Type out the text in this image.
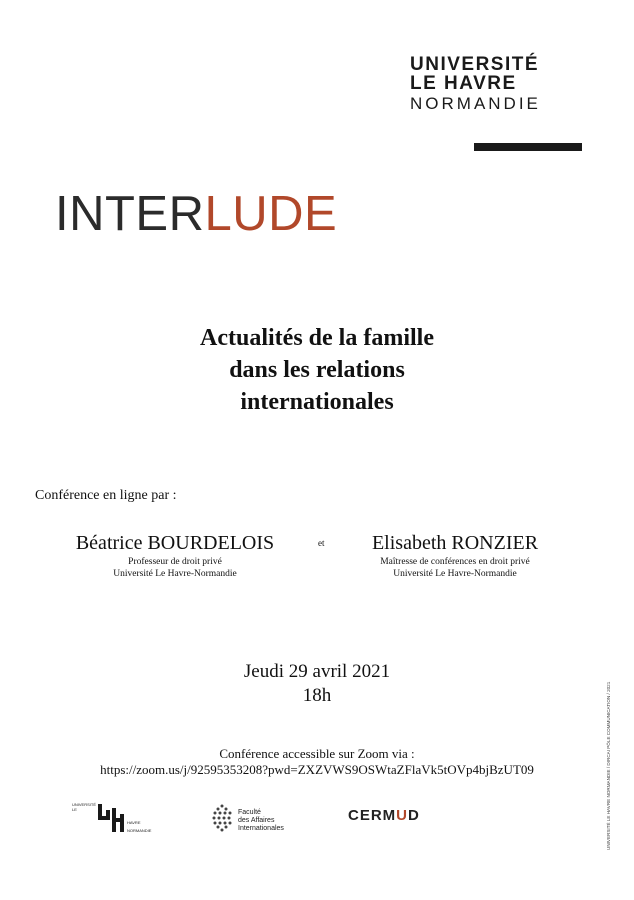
UNIVERSITÉ
LE HAVRE
NORMANDIE
INTERLUDE
Actualités de la famille
dans les relations
internationales
Conférence en ligne par :
Béatrice BOURDELOIS
Professeur de droit privé
Université Le Havre-Normandie
et	Elisabeth RONZIER
Maîtresse de conférences en droit privé
Université Le Havre-Normandie
Jeudi 29 avril 2021
18h
Conférence accessible sur Zoom via :
https://zoom.us/j/92595353208?pwd=ZXZVWS9OSWtaZFlaVk5tOVp4bjBzUT09	UNIVERSITÉ LE HAVRE NORMANDIE / DIRCAI PÔLE COMMUNICATION / 2021
UNIVERSITÉ
LE
HAVRE
NORMANDIE
Faculté
des Affaires
Internationales
CERMUD
